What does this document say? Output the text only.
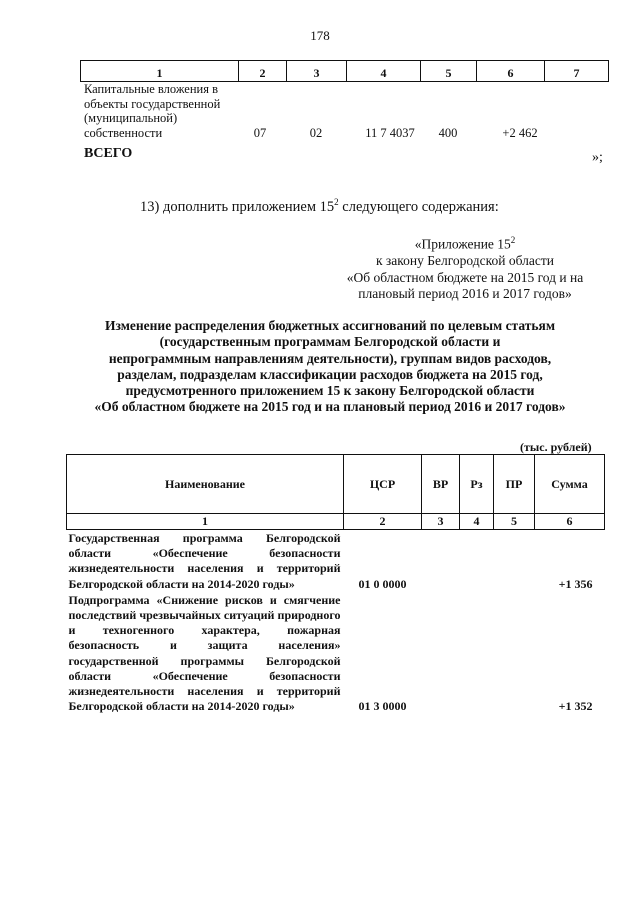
178
1	2	3	4	5	6	7
Капитальные вложения в объекты государственной (муниципальной) собственности	07	02	11 7 4037	400	+2 462
ВСЕГО	»;
13) дополнить приложением $15^2$ следующего содержания:
«Приложение $15^2$
к закону Белгородской области
«Об областном бюджете на 2015 год и на
плановый период 2016 и 2017 годов»
Изменение распределения бюджетных ассигнований по целевым статьям
(государственным программам Белгородской области и
непрограммным направлениям деятельности), группам видов расходов,
разделам, подразделам классификации расходов бюджета на 2015 год,
предусмотренного приложением 15 к закону Белгородской области
«Об областном бюджете на 2015 год и на плановый период 2016 и 2017 годов»
(тыс. рублей)
Наименование	ЦСР	ВР	Рз	ПР	Сумма
1	2	3	4	5	6
Государственная программа Белгородской области «Обеспечение безопасности жизнедеятельности населения и территорий Белгородской области на 2014-2020 годы»	01 0 0000				+1 356
Подпрограмма «Снижение рисков и смягчение последствий чрезвычайных ситуаций природного и техногенного характера, пожарная безопасность и защита населения» государственной программы Белгородской области «Обеспечение безопасности жизнедеятельности населения и территорий Белгородской области на 2014-2020 годы»	01 3 0000				+1 352
